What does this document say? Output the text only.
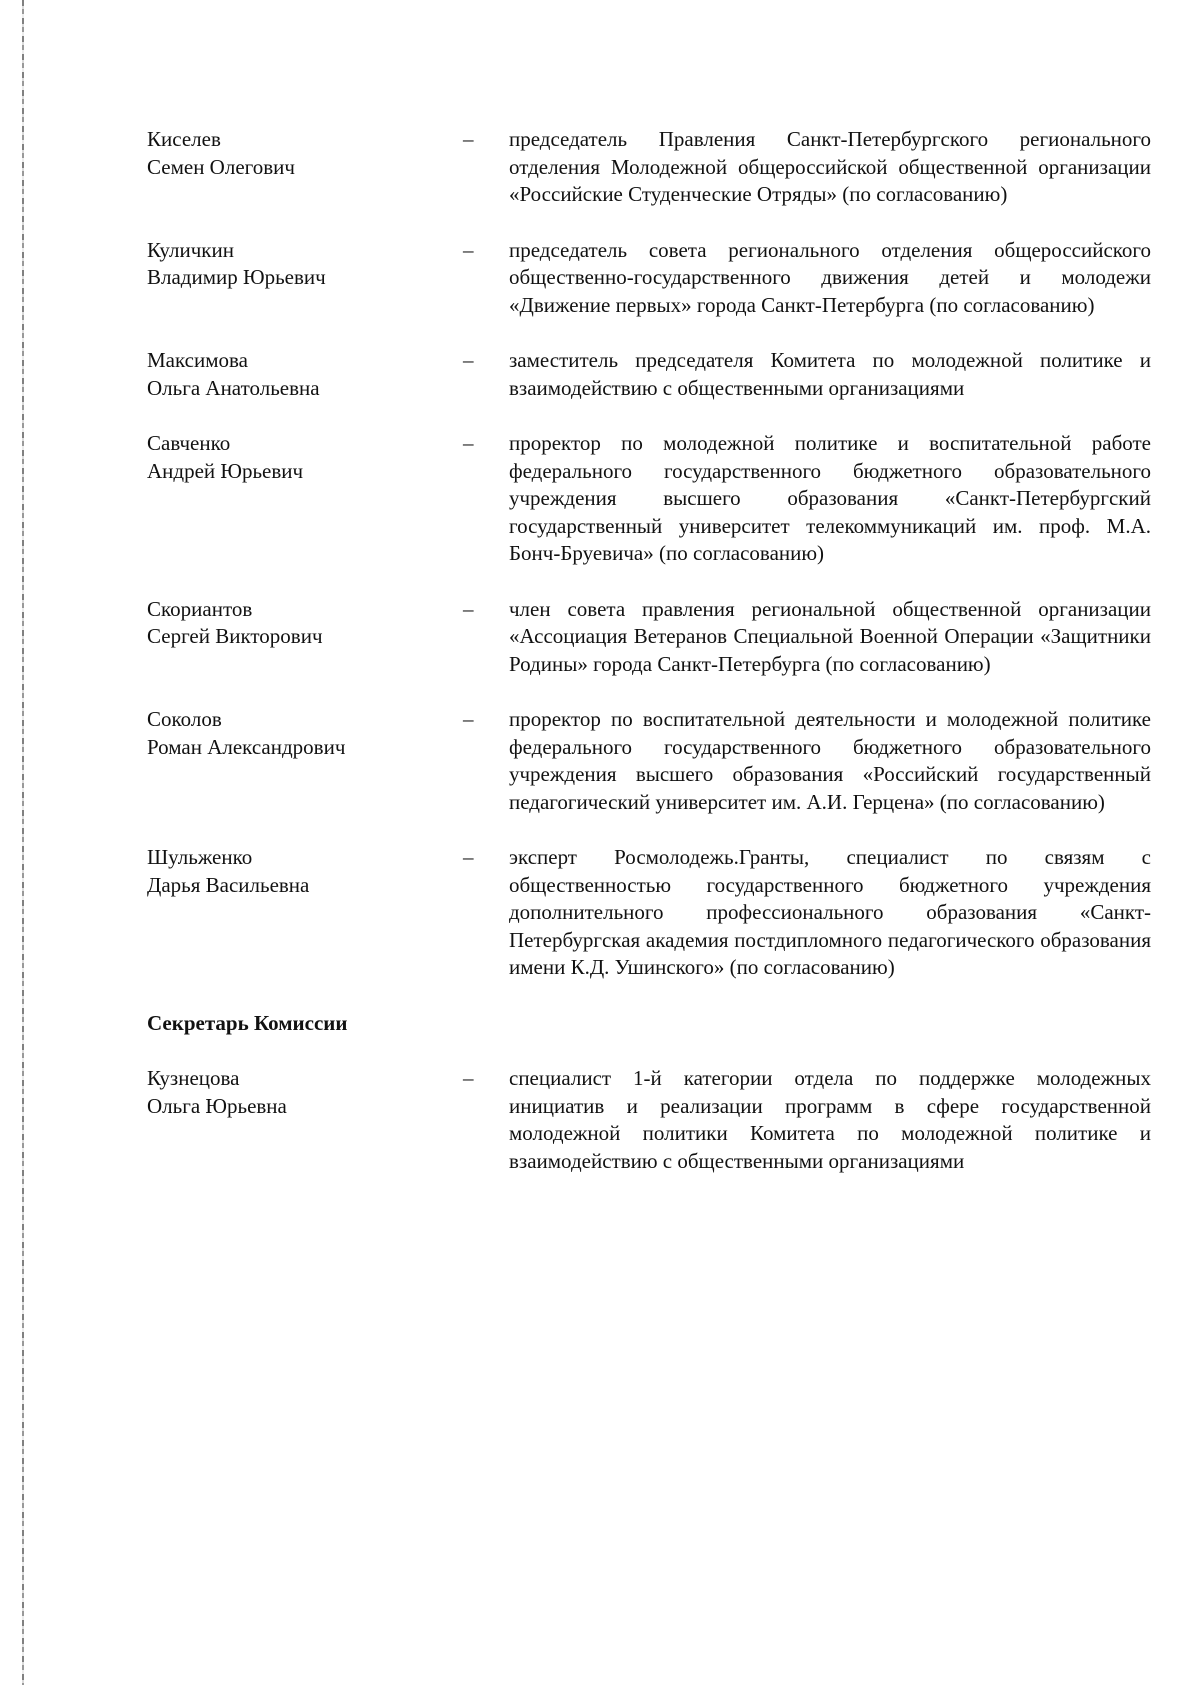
Киселев
Семен Олегович
–	председатель Правления Санкт-Петербургского регионального отделения Молодежной общероссийской общественной организации «Российские Студенческие Отряды» (по согласованию)
Куличкин
Владимир Юрьевич
–	председатель совета регионального отделения общероссийского общественно-государственного движения детей и молодежи «Движение первых» города Санкт-Петербурга (по согласованию)
Максимова
Ольга Анатольевна
–	заместитель председателя Комитета по молодежной политике и взаимодействию с общественными организациями
Савченко
Андрей Юрьевич
–	проректор по молодежной политике и воспитательной работе федерального государственного бюджетного образовательного учреждения высшего образования «Санкт-Петербургский государственный университет телекоммуникаций им. проф. М.А. Бонч-Бруевича» (по согласованию)
Скориантов
Сергей Викторович
–	член совета правления региональной общественной организации «Ассоциация Ветеранов Специальной Военной Операции «Защитники Родины» города Санкт-Петербурга (по согласованию)
Соколов
Роман Александрович
–	проректор по воспитательной деятельности и молодежной политике федерального государственного бюджетного образовательного учреждения высшего образования «Российский государственный педагогический университет им. А.И. Герцена» (по согласованию)
Шульженко
Дарья Васильевна
–	эксперт Росмолодежь.Гранты, специалист по связям с общественностью государственного бюджетного учреждения дополнительного профессионального образования «Санкт-Петербургская академия постдипломного педагогического образования имени К.Д. Ушинского» (по согласованию)
Секретарь Комиссии
Кузнецова
Ольга Юрьевна
–	специалист 1-й категории отдела по поддержке молодежных инициатив и реализации программ в сфере государственной молодежной политики Комитета по молодежной политике и взаимодействию с общественными организациями
